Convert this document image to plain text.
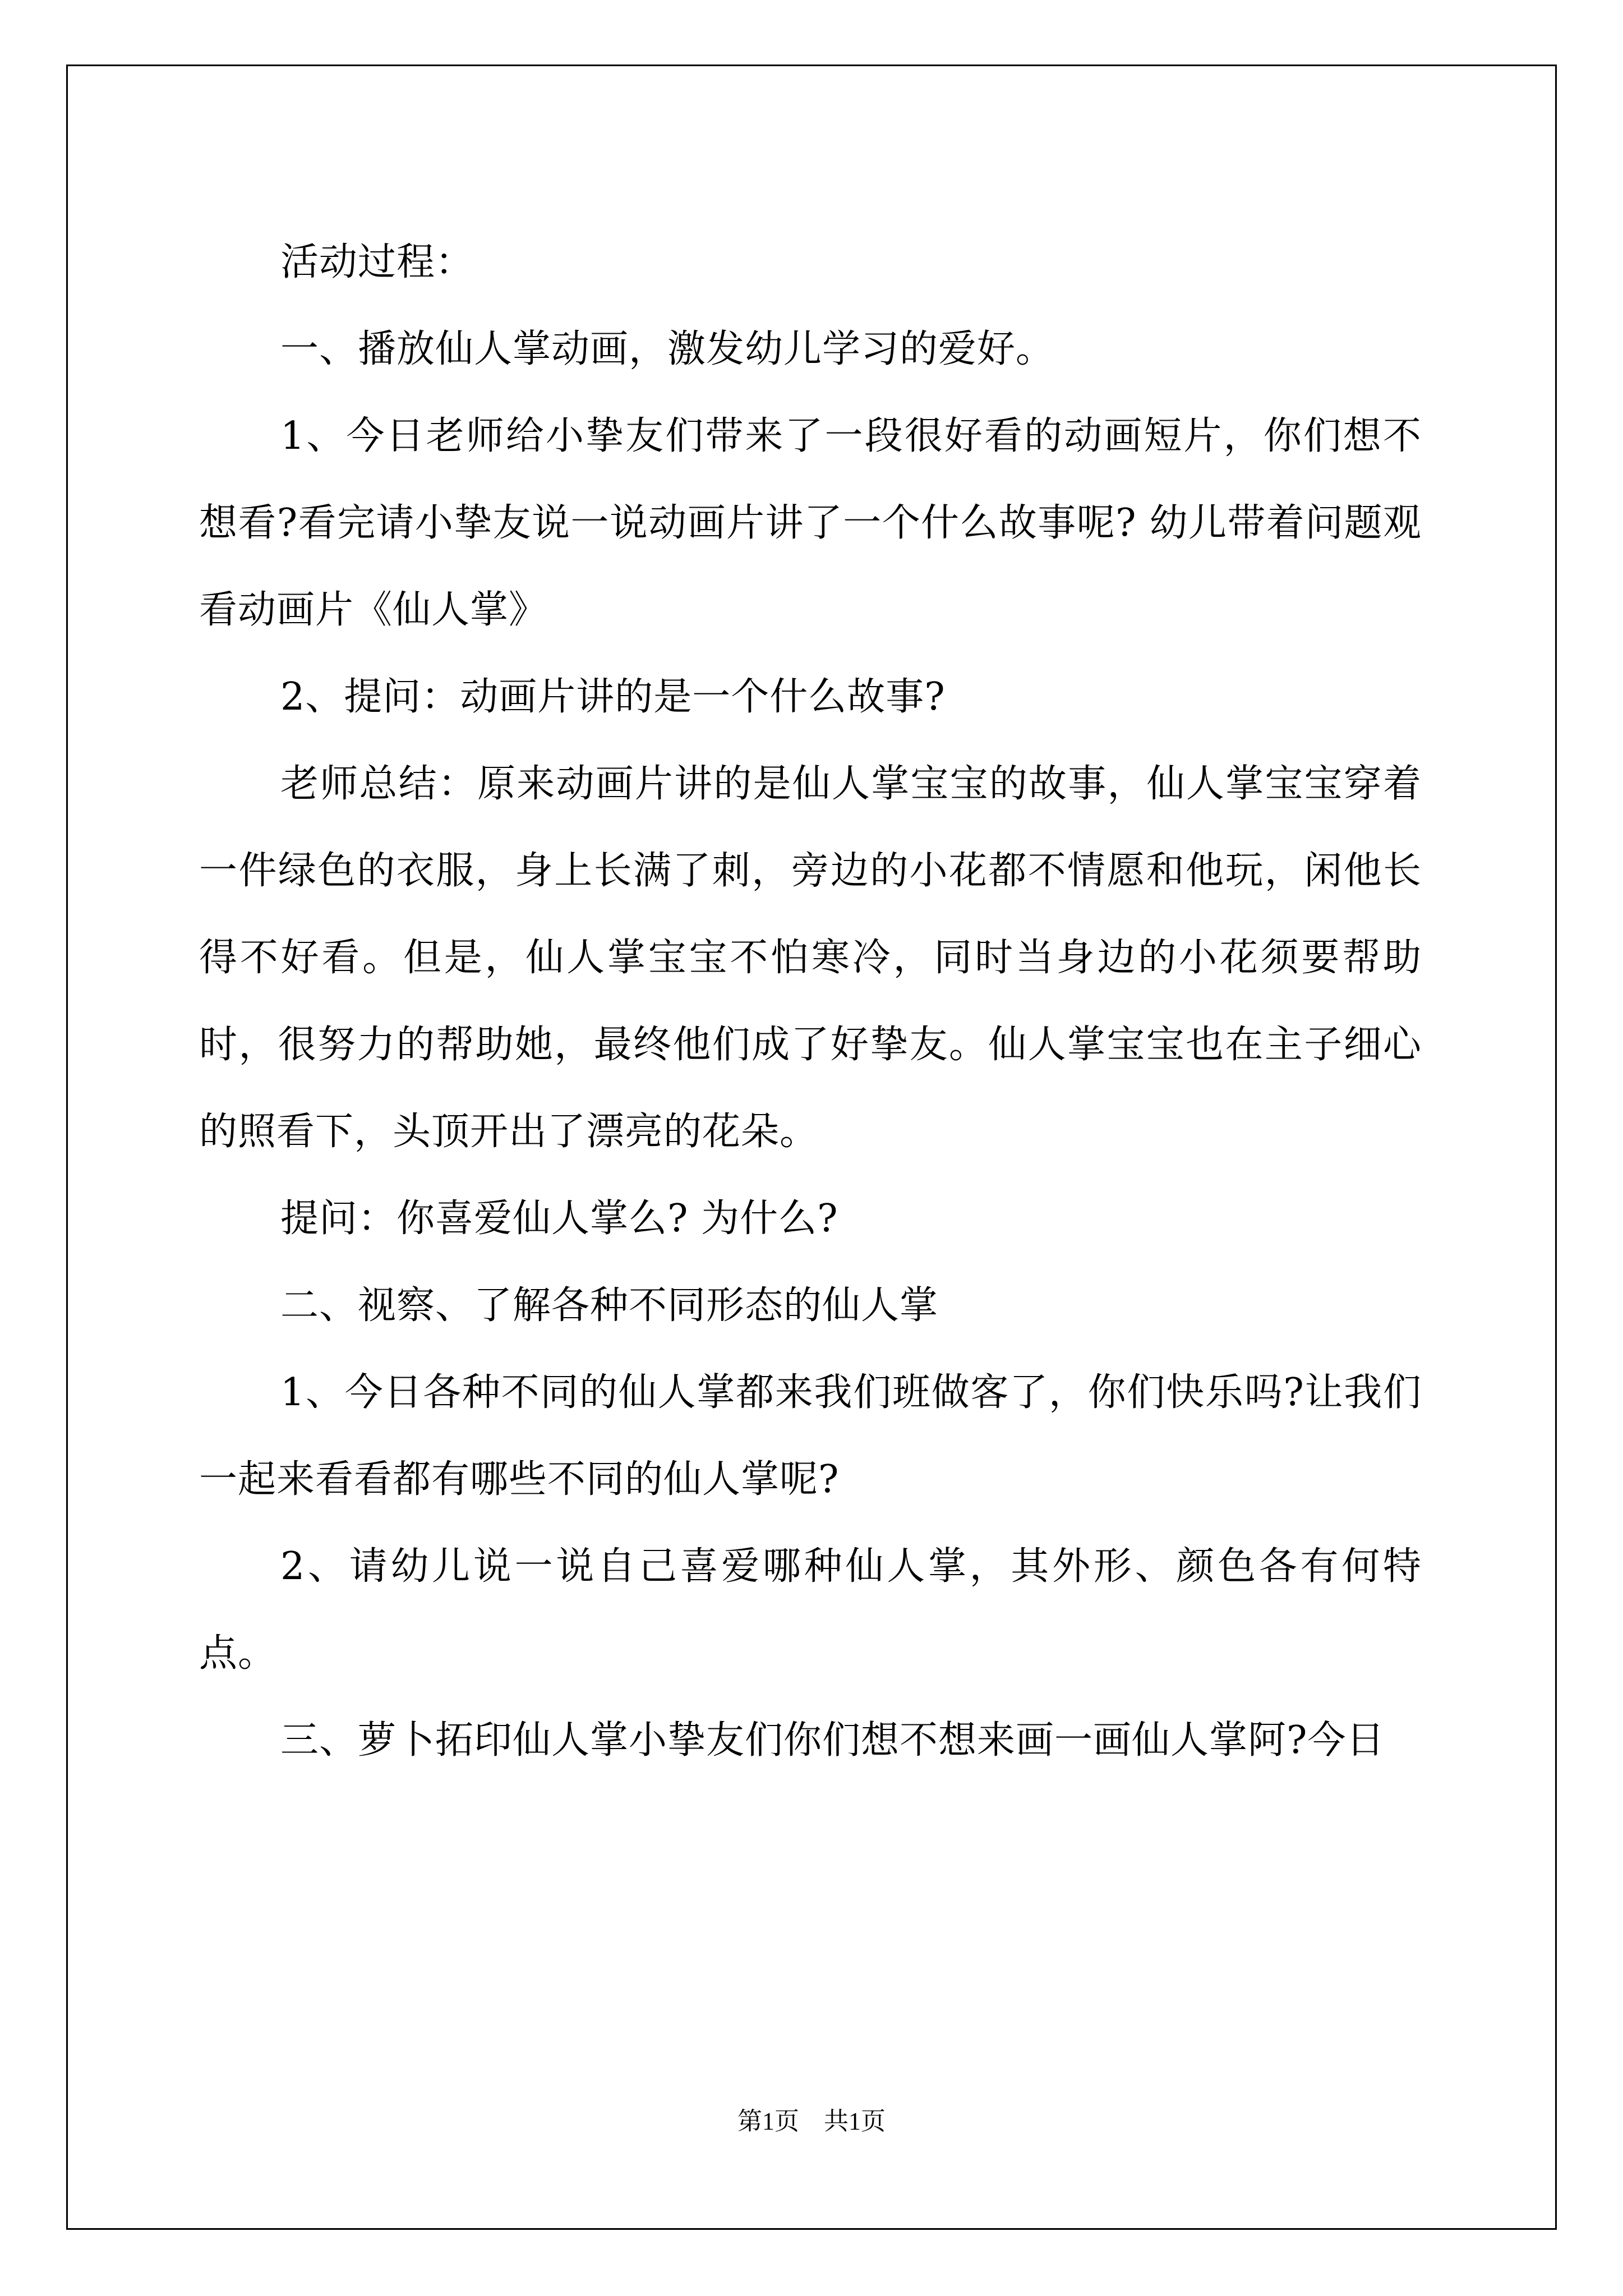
活动过程：

一、播放仙人掌动画，激发幼儿学习的爱好。

1、今日老师给小挚友们带来了一段很好看的动画短片，你们想不想看?看完请小挚友说一说动画片讲了一个什么故事呢? 幼儿带着问题观看动画片《仙人掌》

2、提问：动画片讲的是一个什么故事?

老师总结：原来动画片讲的是仙人掌宝宝的故事，仙人掌宝宝穿着一件绿色的衣服，身上长满了刺，旁边的小花都不情愿和他玩，闲他长得不好看。但是，仙人掌宝宝不怕寒冷，同时当身边的小花须要帮助时，很努力的帮助她，最终他们成了好挚友。仙人掌宝宝也在主子细心的照看下，头顶开出了漂亮的花朵。

提问：你喜爱仙人掌么? 为什么?

二、视察、了解各种不同形态的仙人掌

1、今日各种不同的仙人掌都来我们班做客了，你们快乐吗?让我们一起来看看都有哪些不同的仙人掌呢?

2、请幼儿说一说自己喜爱哪种仙人掌，其外形、颜色各有何特点。

三、萝卜拓印仙人掌小挚友们你们想不想来画一画仙人掌阿?今日

第1页　共1页
